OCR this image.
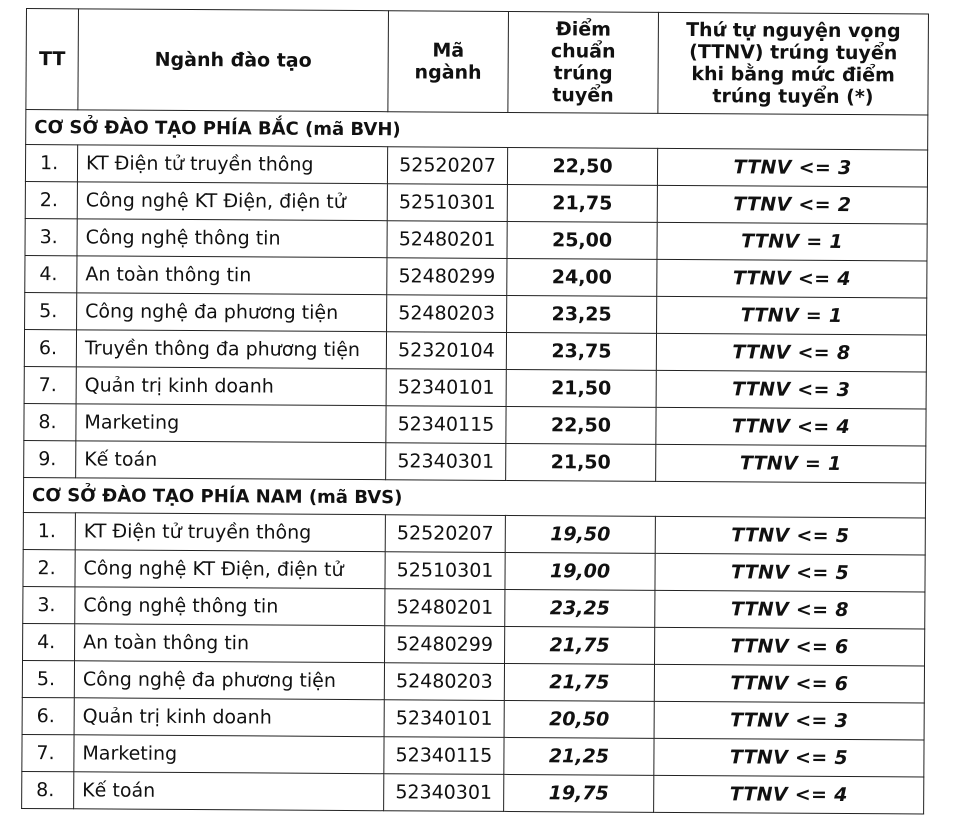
TT	Ngành đào tạo	Mã ngành	Điểm chuẩn trúng tuyển	Thứ tự nguyện vọng (TTNV) trúng tuyển khi bằng mức điểm trúng tuyển (*)
CƠ SỞ ĐÀO TẠO PHÍA BẮC (mã BVH)				
1.	KT Điện tử truyền thông	52520207	22,50	TTNV <= 3
2.	Công nghệ KT Điện, điện tử	52510301	21,75	TTNV <= 2
3.	Công nghệ thông tin	52480201	25,00	TTNV = 1
4.	An toàn thông tin	52480299	24,00	TTNV <= 4
5.	Công nghệ đa phương tiện	52480203	23,25	TTNV = 1
6.	Truyền thông đa phương tiện	52320104	23,75	TTNV <= 8
7.	Quản trị kinh doanh	52340101	21,50	TTNV <= 3
8.	Marketing	52340115	22,50	TTNV <= 4
9.	Kế toán	52340301	21,50	TTNV = 1
CƠ SỞ ĐÀO TẠO PHÍA NAM (mã BVS)				
1.	KT Điện tử truyền thông	52520207	19,50	TTNV <= 5
2.	Công nghệ KT Điện, điện tử	52510301	19,00	TTNV <= 5
3.	Công nghệ thông tin	52480201	23,25	TTNV <= 8
4.	An toàn thông tin	52480299	21,75	TTNV <= 6
5.	Công nghệ đa phương tiện	52480203	21,75	TTNV <= 6
6.	Quản trị kinh doanh	52340101	20,50	TTNV <= 3
7.	Marketing	52340115	21,25	TTNV <= 5
8.	Kế toán	52340301	19,75	TTNV <= 4
